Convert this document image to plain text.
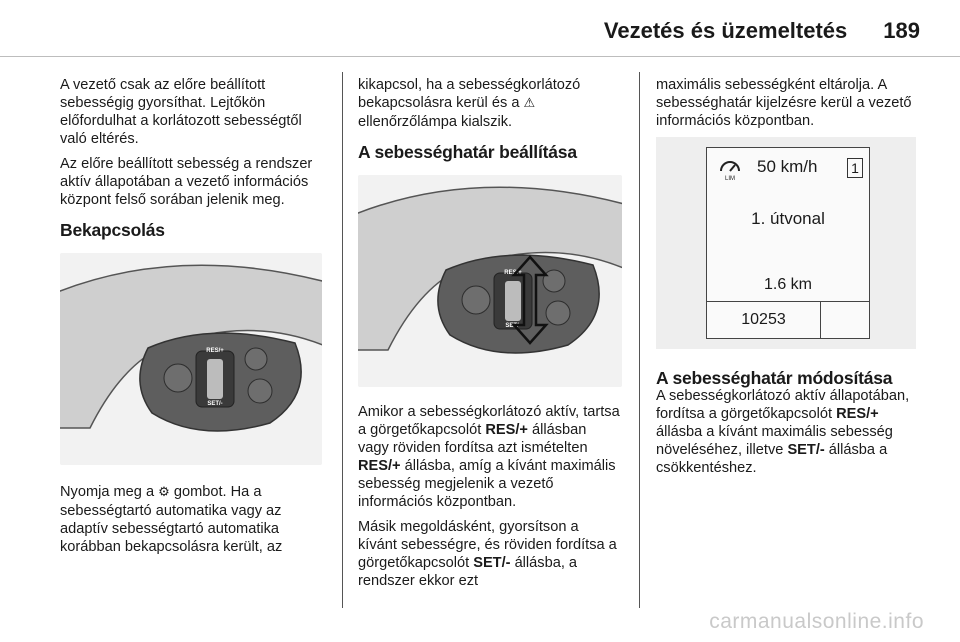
Vezetés és üzemeltetés 189

A vezető csak az előre beállított sebességig gyorsíthat. Lejtőkön előfordulhat a korlátozott sebességtől való eltérés.

Az előre beállított sebesség a rendszer aktív állapotában a vezető információs központ felső sorában jelenik meg.

Bekapcsolás
RES/+
SET/-

Nyomja meg a ⚙ gombot. Ha a sebességtartó automatika vagy az adaptív sebességtartó automatika korábban bekapcsolásra került, az

kikapcsol, ha a sebességkorlátozó bekapcsolásra kerül és a ⚠ ellenőrzőlámpa kialszik.

A sebességhatár beállítása
RES/+
SET/-

Amikor a sebességkorlátozó aktív, tartsa a görgetőkapcsolót RES/+ állásban vagy röviden fordítsa azt ismételten RES/+ állásba, amíg a kívánt maximális sebesség megjelenik a vezető információs központban.

Másik megoldásként, gyorsítson a kívánt sebességre, és röviden fordítsa a görgetőkapcsolót SET/- állásba, a rendszer ekkor ezt

maximális sebességként eltárolja. A sebességhatár kijelzésre kerül a vezető információs központban.

LIM
50 km/h 1
1. útvonal
1.6 km
10253
A sebességhatár módosítása

A sebességkorlátozó aktív állapotában, fordítsa a görgetőkapcsolót RES/+ állásba a kívánt maximális sebesség növeléséhez, illetve SET/- állásba a csökkentéshez.

carmanualsonline.info
